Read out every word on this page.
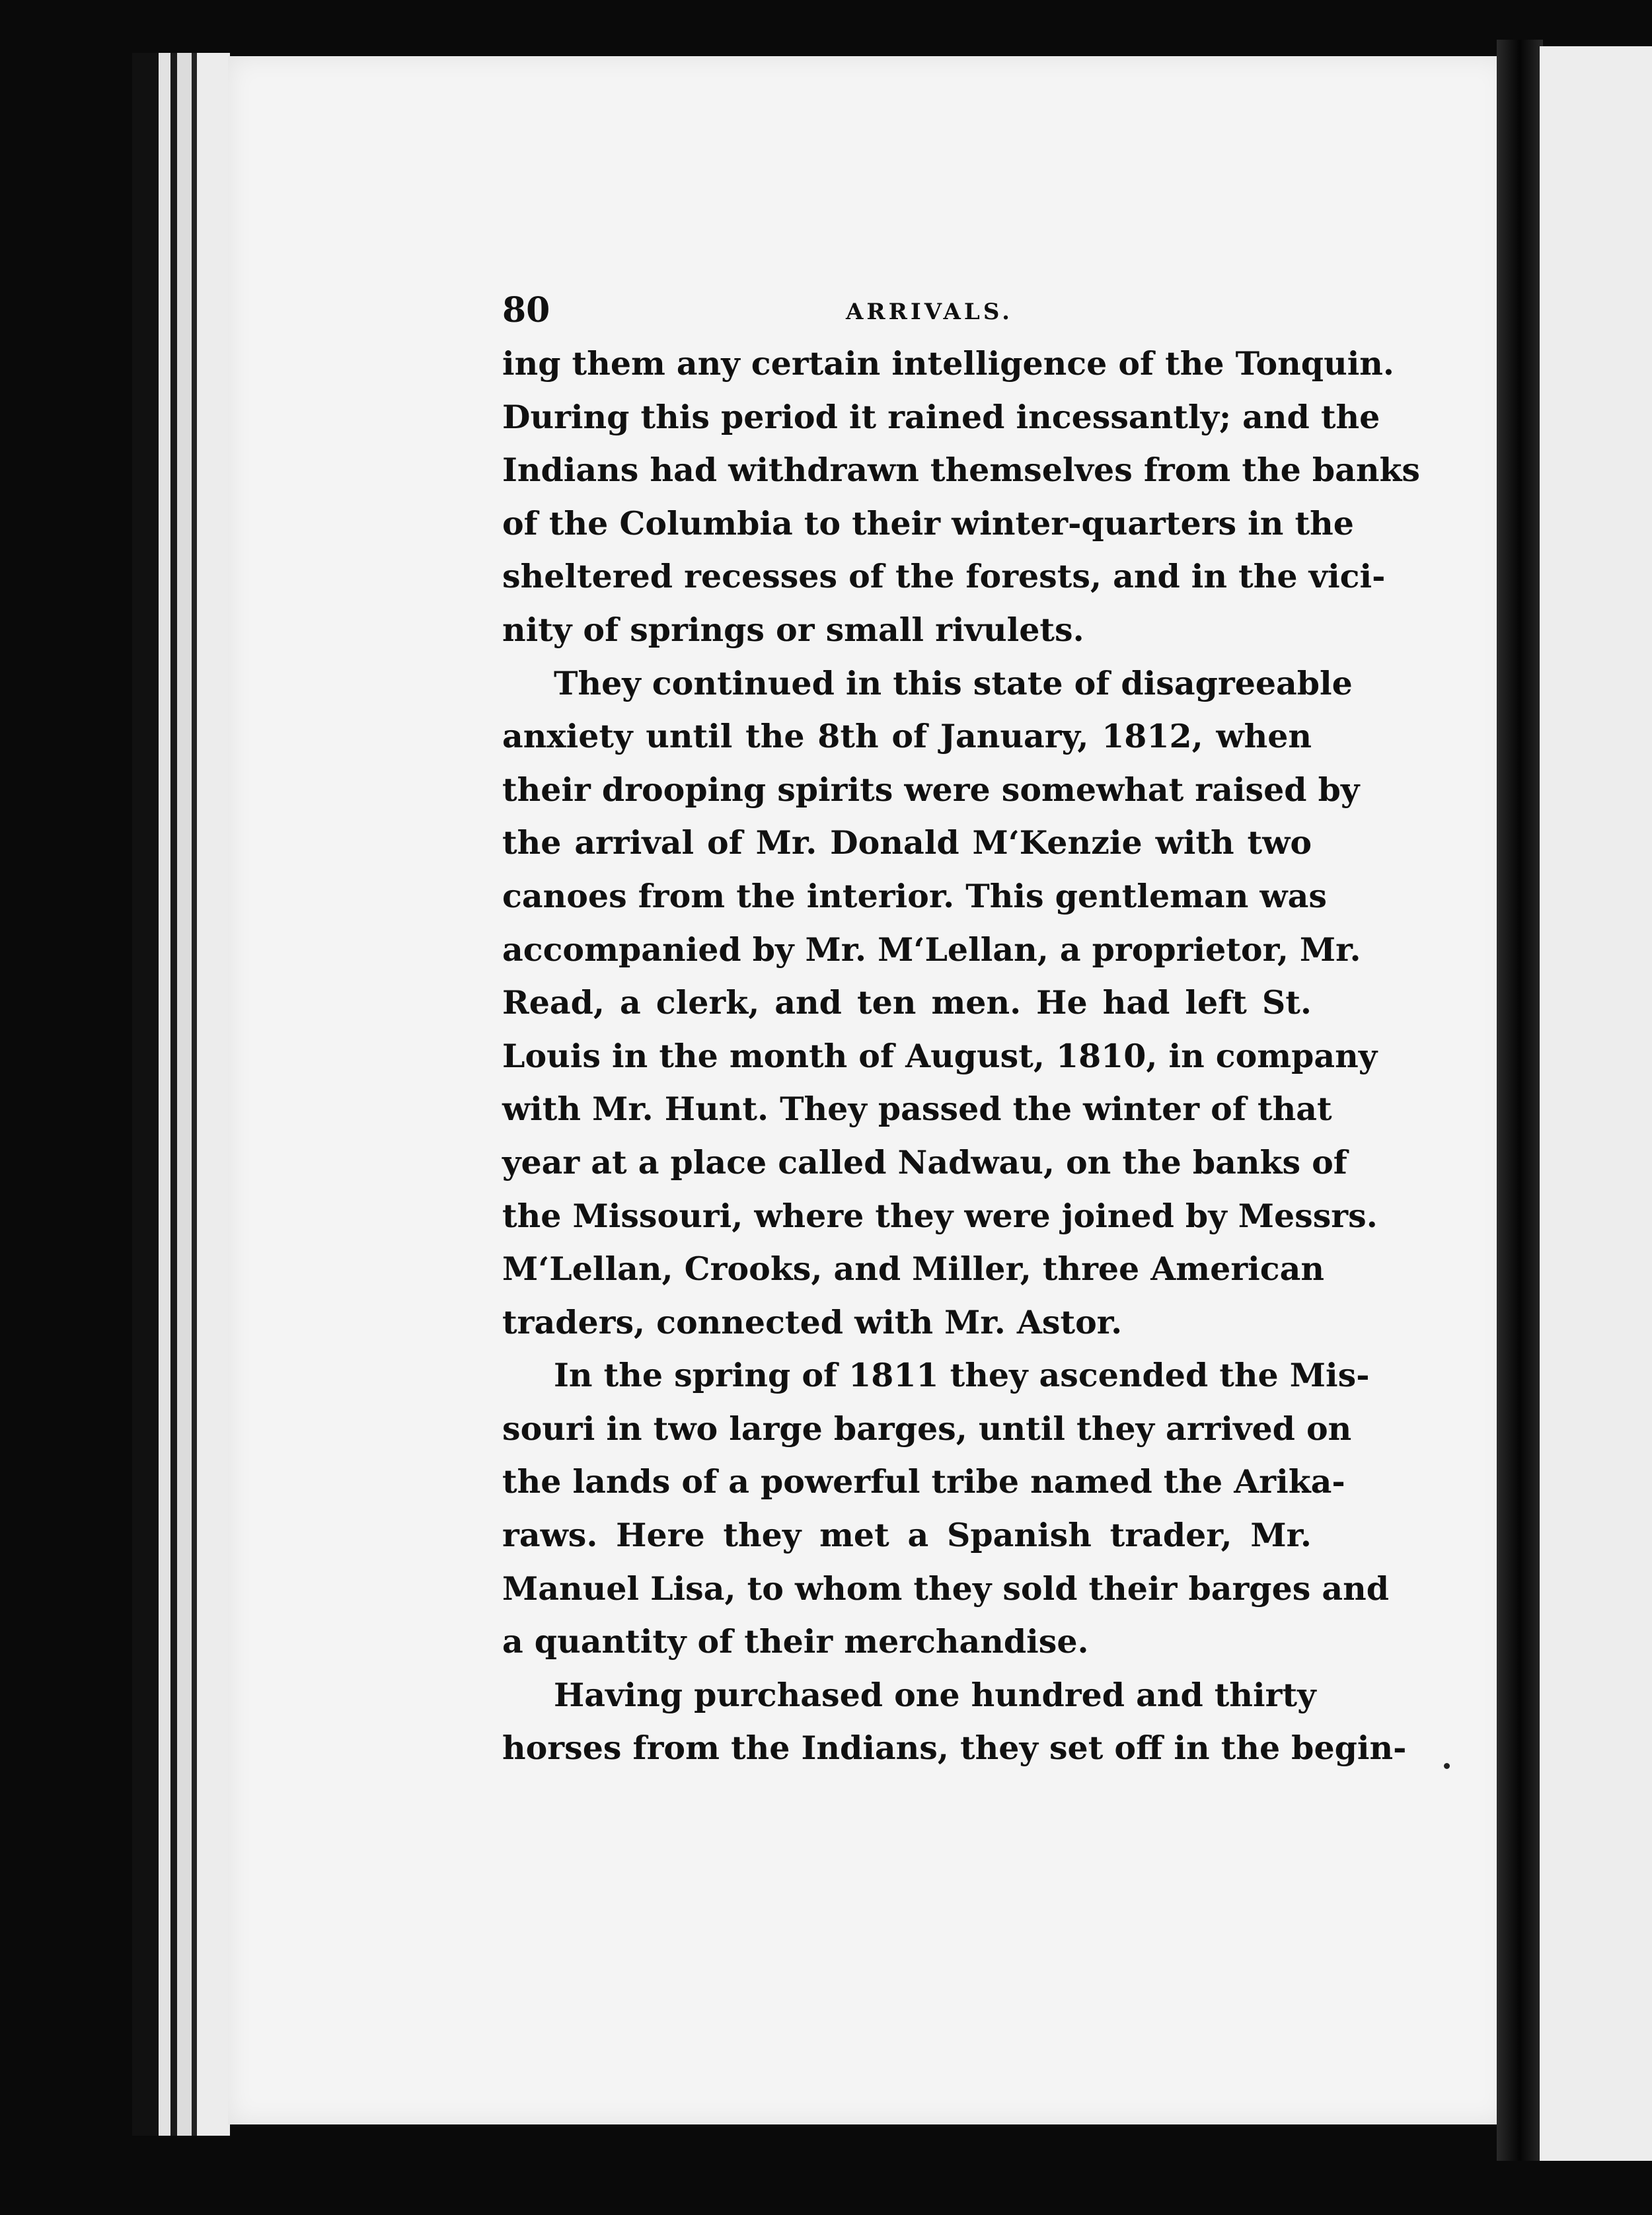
80	ARRIVALS.
ing them any certain intelligence of the Tonquin.
During this period it rained incessantly; and the
Indians had withdrawn themselves from the banks
of the Columbia to their winter-quarters in the
sheltered recesses of the forests, and in the vici-
nity of springs or small rivulets.
They continued in this state of disagreeable
anxiety until the 8th of January, 1812, when
their drooping spirits were somewhat raised by
the arrival of Mr. Donald M‘Kenzie with two
canoes from the interior. This gentleman was
accompanied by Mr. M‘Lellan, a proprietor, Mr.
Read, a clerk, and ten men. He had left St.
Louis in the month of August, 1810, in company
with Mr. Hunt. They passed the winter of that
year at a place called Nadwau, on the banks of
the Missouri, where they were joined by Messrs.
M‘Lellan, Crooks, and Miller, three American
traders, connected with Mr. Astor.
In the spring of 1811 they ascended the Mis-
souri in two large barges, until they arrived on
the lands of a powerful tribe named the Arika-
raws. Here they met a Spanish trader, Mr.
Manuel Lisa, to whom they sold their barges and
a quantity of their merchandise.
Having purchased one hundred and thirty
horses from the Indians, they set off in the begin-
